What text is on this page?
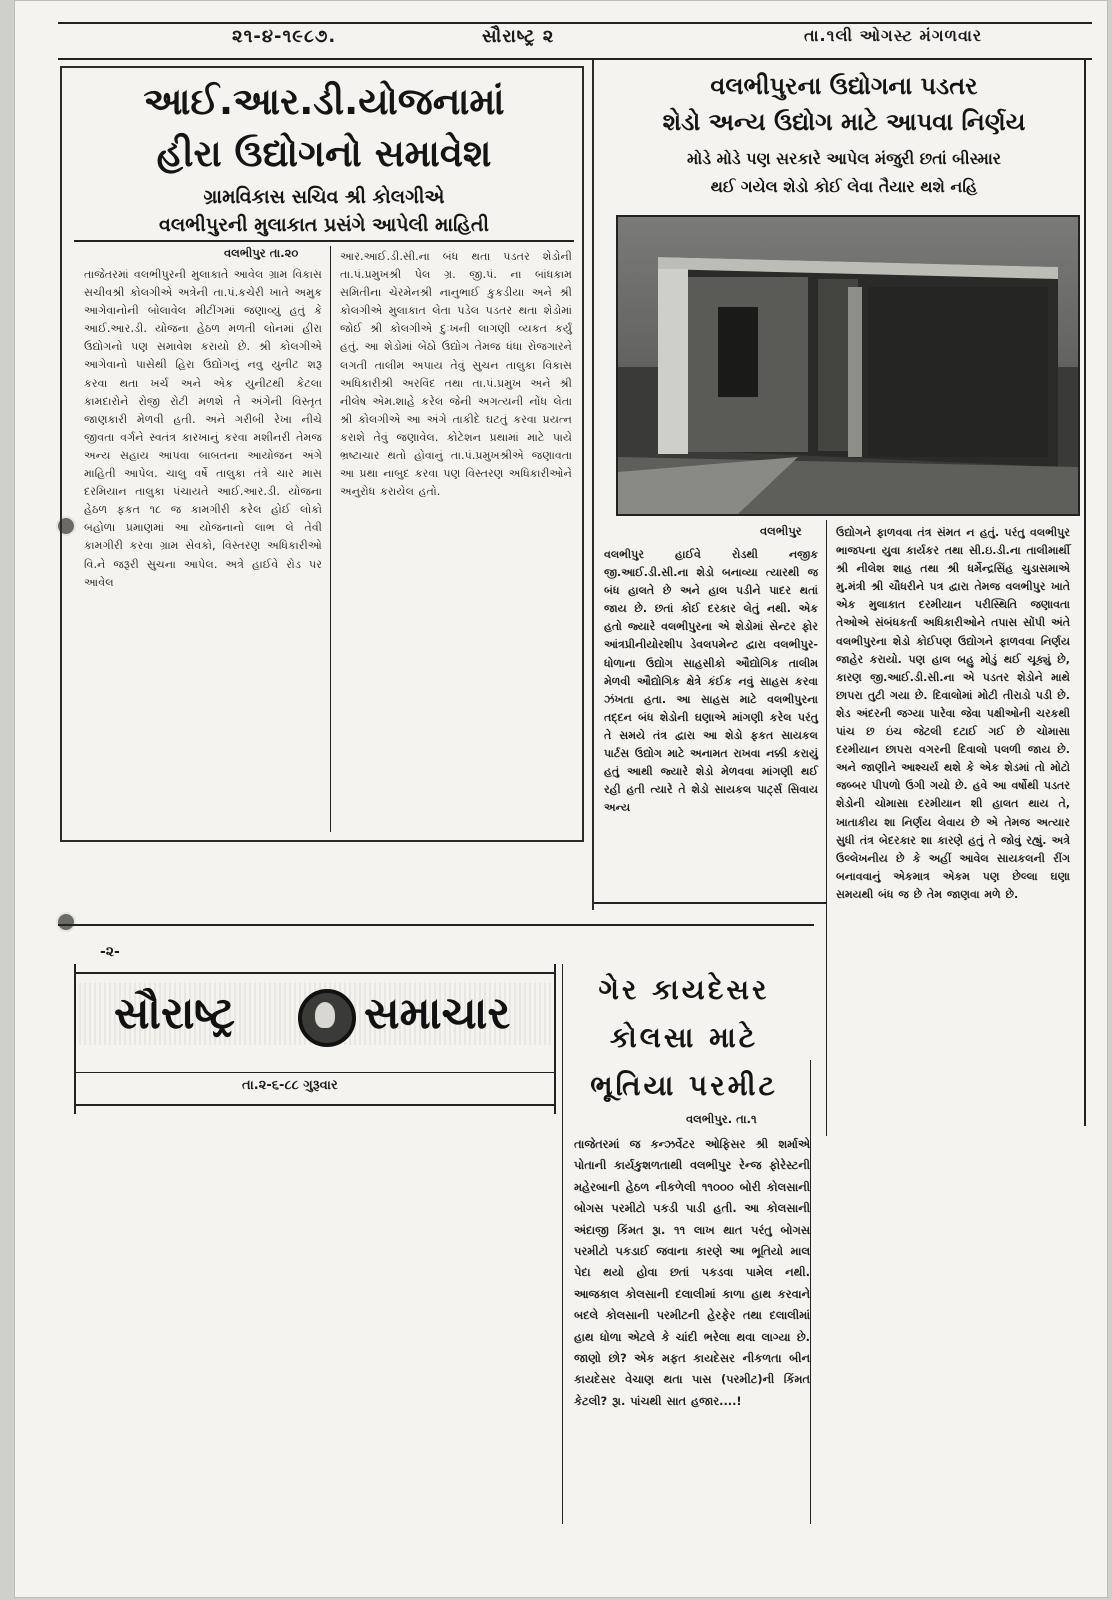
૨૧-૪-૧૯૮૭.	સૌરાષ્ટ્ર ૨	તા.૧લી ઓગસ્ટ મંગળવાર
આઈ.આર.ડી.યોજનામાં
હીરા ઉદ્યોગનો સમાવેશ
ગ્રામવિકાસ સચિવ શ્રી કોલગીએ
વલભીપુરની મુલાકાત પ્રસંગે આપેલી માહિતી
વલભીપુર તા.૨૦
તાજેતરમાં વલભીપુરની મુલાકાતે આવેલ ગ્રામ વિકાસ સચીવશ્રી કોલગીએ અત્રેની તા.પં.કચેરી ખાતે અમુક આગેવાનોની બોલાવેલ મીટીંગમાં જણાવ્યું હતું કે આઈ.આર.ડી. યોજના હેઠળ મળતી લોનમાં હીરા ઉદ્યોગનો પણ સમાવેશ કરાયો છે. શ્રી કોલગીએ આગેવાનો પાસેથી હિરા ઉદ્યોગનું નવુ યુનીટ શરૂ કરવા થતા ખર્ચ અને એક યુનીટથી કેટલા કામદારોને રોજી રોટી મળશે તે અંગેની વિસ્તૃત જાણકારી મેળવી હતી. અને ગરીબી રેખા નીચે જીવતા વર્ગને સ્વતંત્ર કારખાનું કરવા મશીનરી તેમજ અન્ય સહાય આપવા બાબતના આયોજન અંગે માહિતી આપેલ. ચાલુ વર્ષે તાલુકા તંત્રે ચાર માસ દરમિયાન તાલુકા પંચાયતે આઈ.આર.ડી. યોજના હેઠળ ફકત ૧૮ જ કામગીરી કરેલ હોઈ લોકો બહોળા પ્રમાણમાં આ યોજનાનો લાભ લે તેવી કામગીરી કરવા ગ્રામ સેવકો, વિસ્તરણ અધિકારીઓ વિ.ને જરૂરી સુચના આપેલ. અત્રે હાઈવે રોડ પર આવેલ
આર.આઈ.ડી.સી.ના બંધ થતા પડતર શેડોની તા.પં.પ્રમુખશ્રી પેલ ગ્ર. જી.પં. ના બાંધકામ સમિતીના ચેરમેનશ્રી નાનુભાઈ કુકડીયા અને શ્રી કોલગીએ મુલાકાત લેતા પડેલ પડતર થતા શેડોમાં જોઈ શ્રી કોલગીએ દુઃખની લાગણી વ્યકત કર્યું હતું. આ શેડોમાં બેઠો ઉદ્યોગ તેમજ ધંધા રોજગારને લગતી તાલીમ અપાય તેવું સુચન તાલુકા વિકાસ અધિકારીશ્રી અરવિંદ તથા તા.પં.પ્રમુખ અને શ્રી નીલેષ એમ.શાહે કરેલ જેની અગત્યની નોંધ લેતા શ્રી કોલગીએ આ અંગે તાકીદે ઘટતું કરવા પ્રયત્ન કરાશે તેવું જણાવેલ. કોટેશન પ્રથામાં માટે પાયે ભ્રષ્ટાચાર થતો હોવાનું તા.પં.પ્રમુખશ્રીએ જણાવતા આ પ્રથા નાબુદ કરવા પણ વિસ્તરણ અધિકારીઓને અનુરોધ કરાયેલ હતો.
વલભીપુરના ઉદ્યોગના પડતર
શેડો અન્ય ઉદ્યોગ માટે આપવા નિર્ણય
મોડે મોડે પણ સરકારે આપેલ મંજુરી છતાં બીસ્માર
થઈ ગયેલ શેડો કોઈ લેવા તૈયાર થશે નહિ
વલભીપુર
વલભીપુર હાઈવે રોડથી નજીક જી.આઈ.ડી.સી.ના શેડો બનાવ્યા ત્યારથી જ બંધ હાલતે છે અને હાલ પડીને પાદર થતાં જાય છે. છતાં કોઈ દરકાર લેતું નથી. એક હતો જ્યારે વલભીપુરના એ શેડોમાં સેન્ટર ફોર આંત્રપ્રીનીયોરશીપ ડેવલપમેન્ટ દ્વારા વલભીપુર-ધોળાના ઉદ્યોગ સાહસીકો ઔદ્યોગિક તાલીમ મેળવી ઔદ્યોગિક ક્ષેત્રે કંઈક નવું સાહસ કરવા ઝંખતા હતા. આ સાહસ માટે વલભીપુરના તદ્દન બંધ શેડોની ઘણાએ માંગણી કરેલ પરંતુ તે સમયે તંત્ર દ્વારા આ શેડો ફકત સાયકલ પાર્ટસ ઉદ્યોગ માટે અનામત રાખવા નક્કી કરાયું હતું આથી જ્યારે શેડો મેળવવા માંગણી થઈ રહી હતી ત્યારે તે શેડો સાયકલ પાર્ટ્સ સિવાય અન્ય
ઉદ્યોગને ફાળવવા તંત્ર સંમત ન હતું. પરંતુ વલભીપુર ભાજપના યુવા કાર્યકર તથા સી.ઇ.ડી.ના તાલીમાર્થી શ્રી નીલેશ શાહ તથા શ્રી ધર્મેન્દ્રસિંહ ચુડાસમાએ મુ.મંત્રી શ્રી ચૌધરીને પત્ર દ્વારા તેમજ વલભીપુર ખાતે એક મુલાકાત દરમીયાન પરીસ્થિતિ જણાવતા તેઓએ સંબંધકર્તા અધિકારીઓને તપાસ સોંપી અંતે વલભીપુરના શેડો કોઈપણ ઉદ્યોગને ફાળવવા નિર્ણય જાહેર કરાયો. પણ હાલ બહુ મોડું થઈ ચૂક્યું છે, કારણ જી.આઈ.ડી.સી.ના એ પડતર શેડોને માથે છાપરા તુટી ગયા છે. દિવાલોમાં મોટી તીરાડો પડી છે. શેડ અંદરની જગ્યા પારેવા જેવા પક્ષીઓની ચરકથી પાંચ છ ઇંચ જેટલી દટાઈ ગઈ છે ચોમાસા દરમીયાન છાપરા વગરની દિવાલો પલળી જાય છે. અને જાણીને આશ્ચર્ય થશે કે એક શેડમાં તો મોટો જબ્બર પીપળો ઉગી ગયો છે. હવે આ વર્ષોથી પડતર શેડોની ચોમાસા દરમીયાન શી હાલત થાય તે, ખાતાકીય શા નિર્ણય લેવાય છે એ તેમજ અત્યાર સુધી તંત્ર બેદરકાર શા કારણે હતું તે જોવું રહ્યું. અત્રે ઉલ્લેખનીય છે કે અહીં આવેલ સાયકલની રીંગ બનાવવાનું એકમાત્ર એકમ પણ છેલ્લા ઘણા સમયથી બંધ જ છે તેમ જાણવા મળે છે.
-૨-
સૌરાષ્ટ્ર	સમાચાર
તા.૨-૬-૮૮ ગુરૂવાર
ગેર કાયદેસર
કોલસા માટે
ભૂતિયા પરમીટ
વલભીપુર. તા.૧
તાજેતરમાં જ કન્ઝર્વેટર ઓફિસર શ્રી શર્માએ પોતાની કાર્યકુશળતાથી વલભીપુર રેન્જ ફોરેસ્ટની મહેરબાની હેઠળ નીકળેલી ૧૧૦૦૦ બોરી કોલસાની બોગસ પરમીટો પકડી પાડી હતી. આ કોલસાની અંદાજી કિંમત રૂા. ૧૧ લાખ થાત પરંતુ બોગસ પરમીટો પકડાઈ જવાના કારણે આ ભૂતિયો માલ પેદા થયો હોવા છતાં પકડવા પામેલ નથી. આજકાલ કોલસાની દલાલીમાં કાળા હાથ કરવાને બદલે કોલસાની પરમીટની હેરફેર તથા દલાલીમાં હાથ ધોળા એટલે કે ચાંદી ભરેલા થવા લાગ્યા છે. જાણો છો? એક મફત કાયદેસર નીકળતા બીન કાયદેસર વેચાણ થતા પાસ (પરમીટ)ની કિંમત કેટલી? રૂા. પાંચથી સાત હજાર....!
